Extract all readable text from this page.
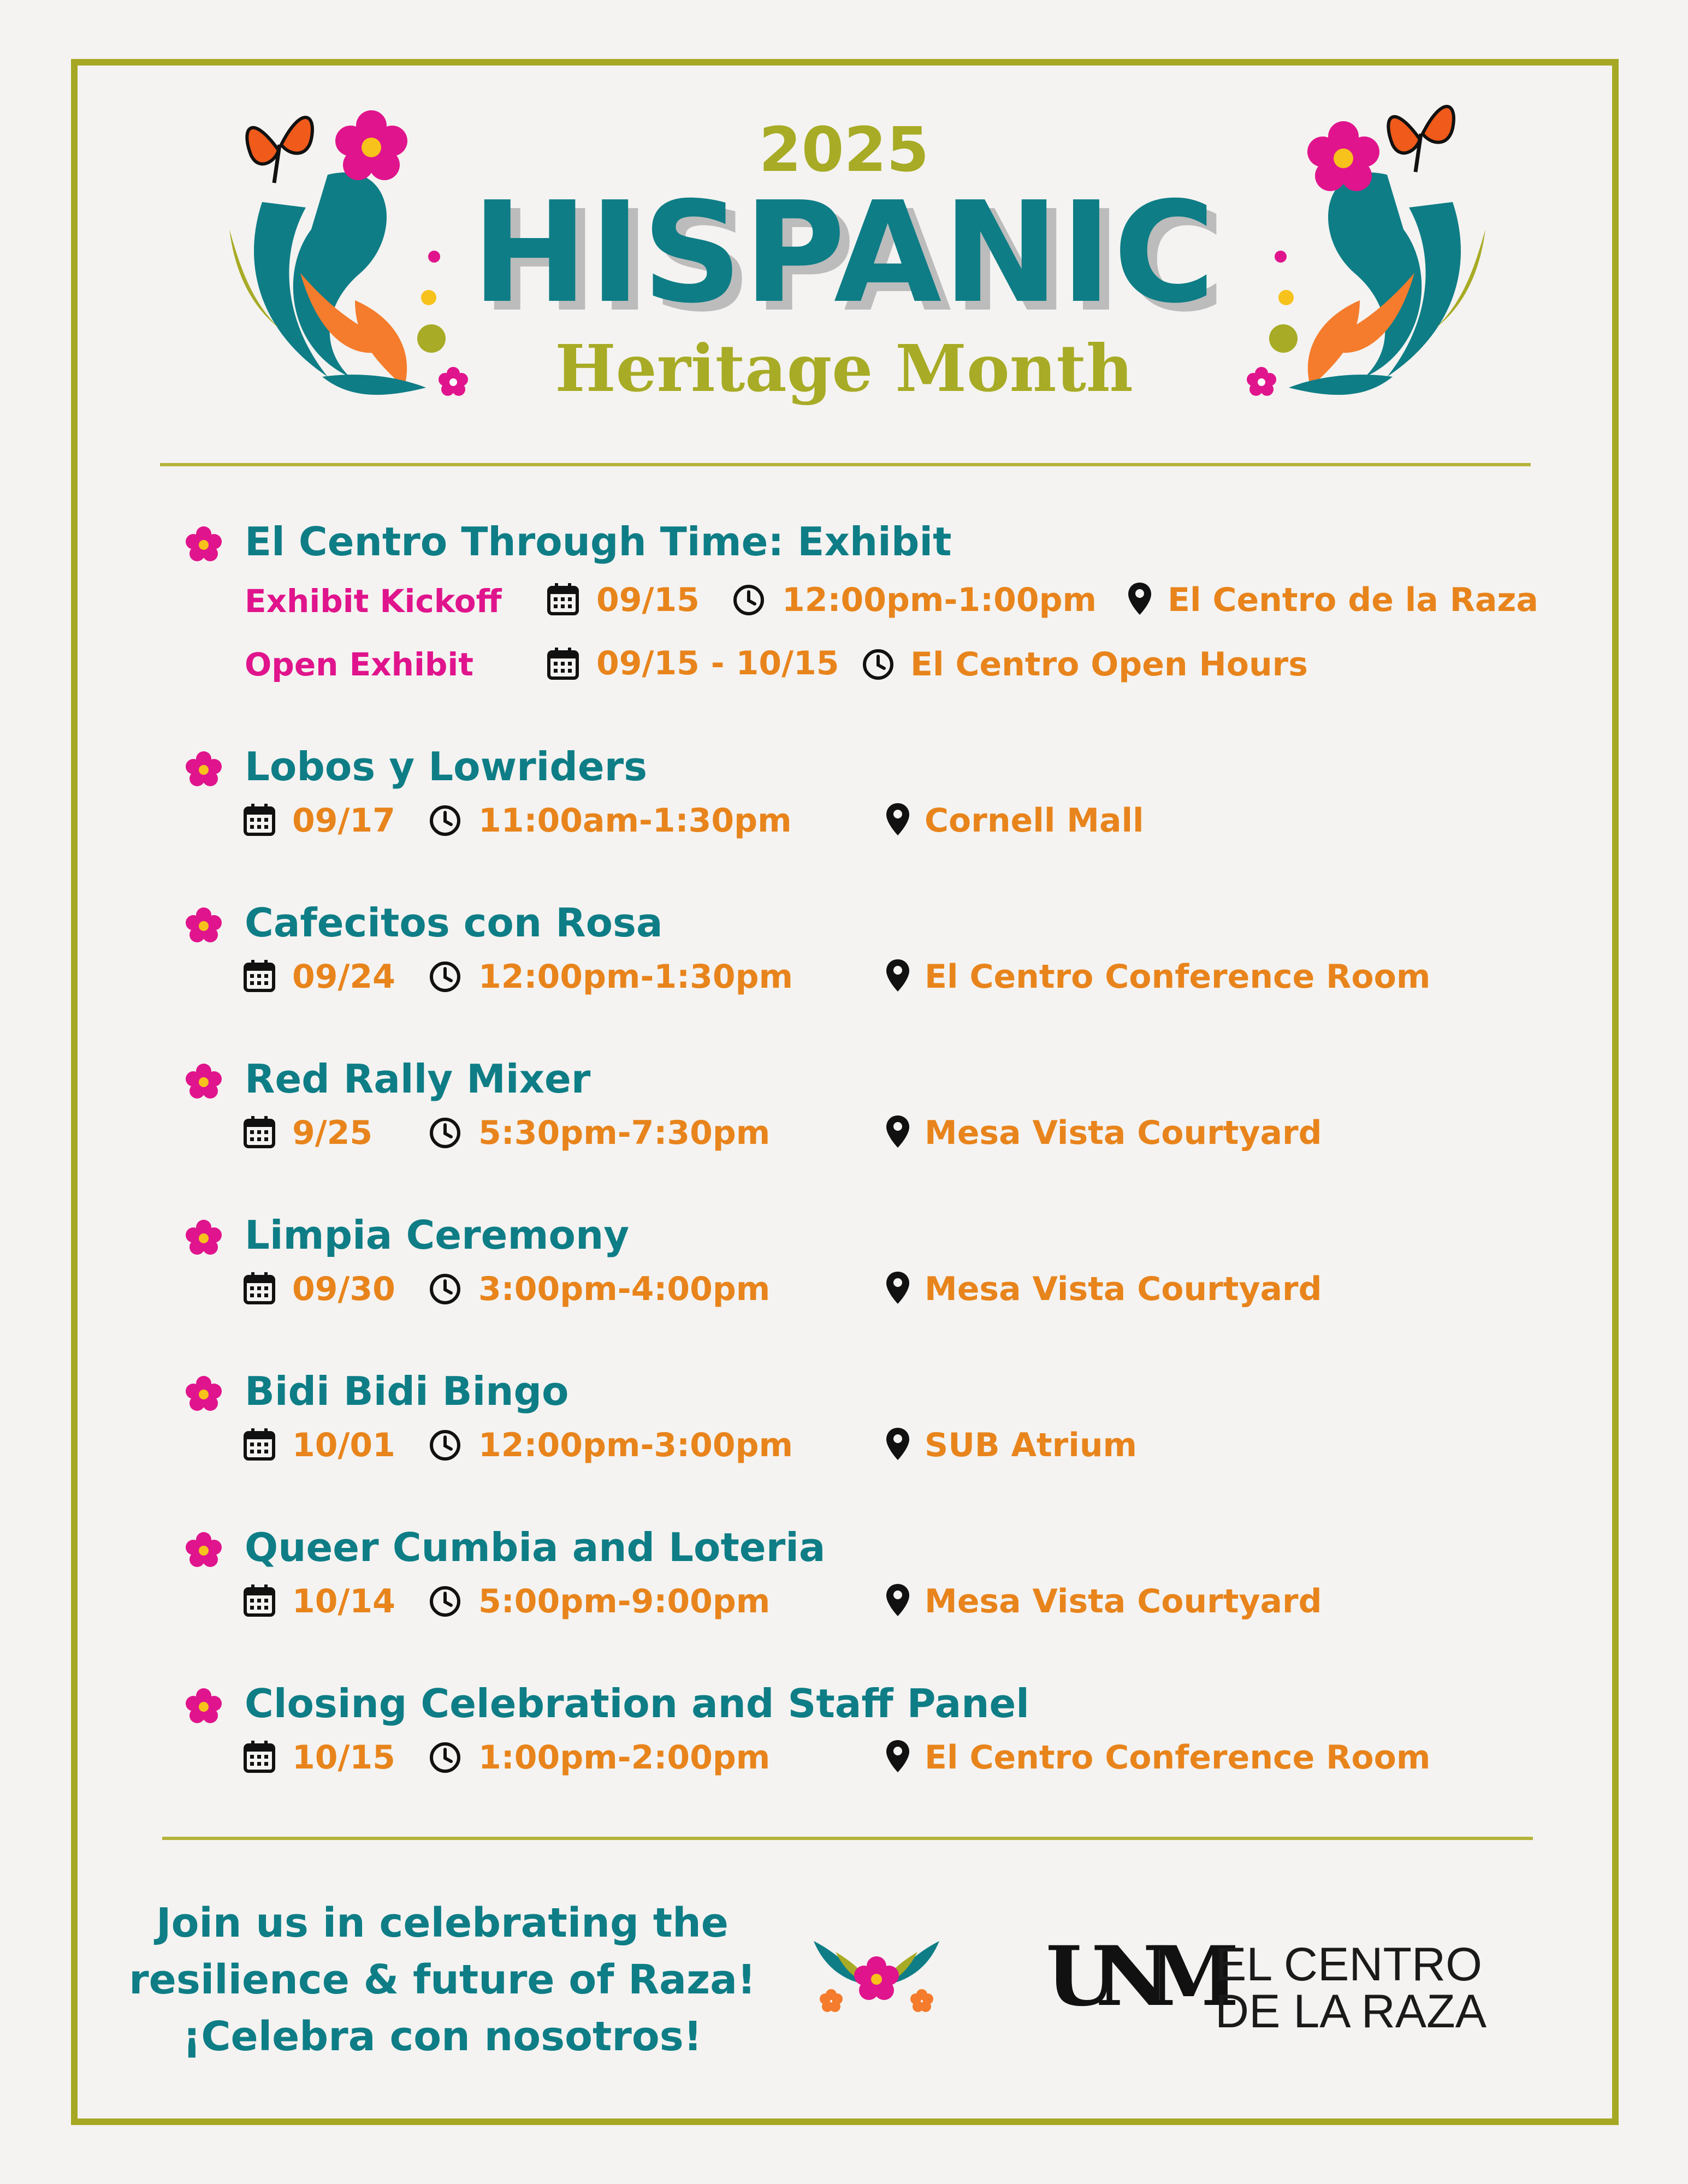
2025
HISPANIC
Heritage Month
El Centro Through Time: Exhibit
Exhibit Kickoff	09/15	12:00pm-1:00pm El Centro de la Raza
Open Exhibit	09/15 - 10/15 El Centro Open Hours
Lobos y Lowriders
09/17	11:00am-1:30pm	Cornell Mall
Cafecitos con Rosa
09/24	12:00pm-1:30pm	El Centro Conference Room
Red Rally Mixer
9/25	5:30pm-7:30pm	Mesa Vista Courtyard
Limpia Ceremony
09/30	3:00pm-4:00pm	Mesa Vista Courtyard
Bidi Bidi Bingo
10/01	12:00pm-3:00pm	SUB Atrium
Queer Cumbia and Loteria
10/14	5:00pm-9:00pm	Mesa Vista Courtyard
Closing Celebration and Staff Panel
10/15	1:00pm-2:00pm	El Centro Conference Room
Join us in celebrating the
resilience & future of Raza!
¡Celebra con nosotros!
UNM
EL CENTRO
DE LA RAZA
